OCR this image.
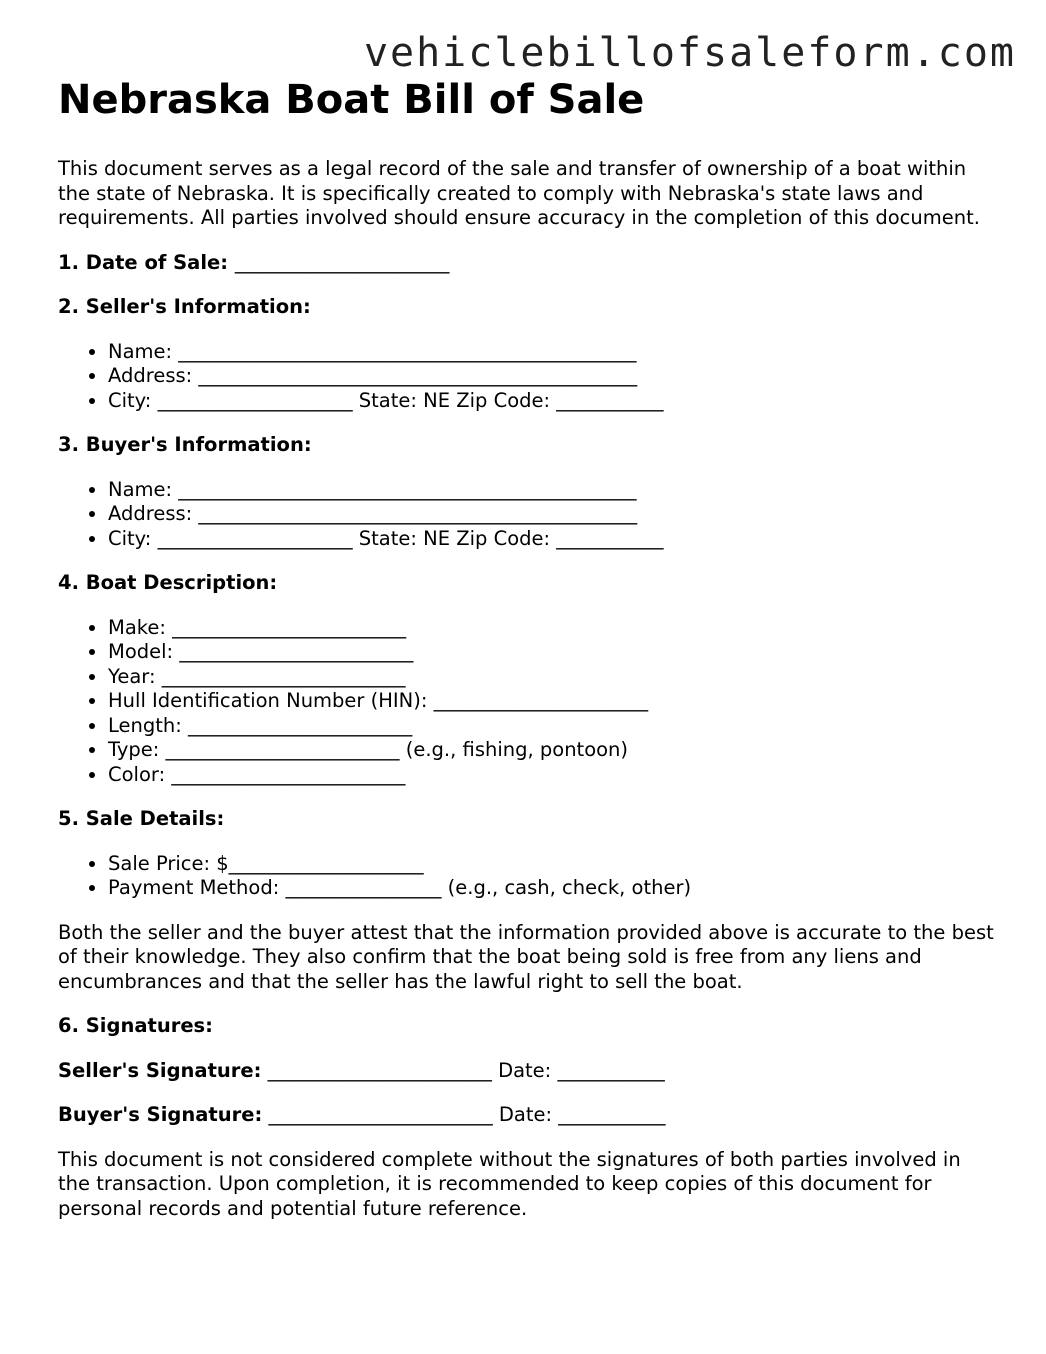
vehiclebillofsaleform.com
Nebraska Boat Bill of Sale

This document serves as a legal record of the sale and transfer of ownership of a boat within the state of Nebraska. It is specifically created to comply with Nebraska's state laws and requirements. All parties involved should ensure accuracy in the completion of this document.

1. Date of Sale: ______________________
2. Seller's Information:
• Name: _______________________________________________
• Address: _____________________________________________
• City: ____________________ State: NE Zip Code: ___________
3. Buyer's Information:
• Name: _______________________________________________
• Address: _____________________________________________
• City: ____________________ State: NE Zip Code: ___________
4. Boat Description:
• Make: ________________________
• Model: ________________________
• Year: _________________________
• Hull Identification Number (HIN): ______________________
• Length: _______________________
• Type: ________________________ (e.g., fishing, pontoon)
• Color: ________________________
5. Sale Details:
• Sale Price: $____________________
• Payment Method: ________________ (e.g., cash, check, other)

Both the seller and the buyer attest that the information provided above is accurate to the best of their knowledge. They also confirm that the boat being sold is free from any liens and encumbrances and that the seller has the lawful right to sell the boat.

6. Signatures:
Seller's Signature: _______________________ Date: ___________
Buyer's Signature: _______________________ Date: ___________

This document is not considered complete without the signatures of both parties involved in the transaction. Upon completion, it is recommended to keep copies of this document for personal records and potential future reference.
